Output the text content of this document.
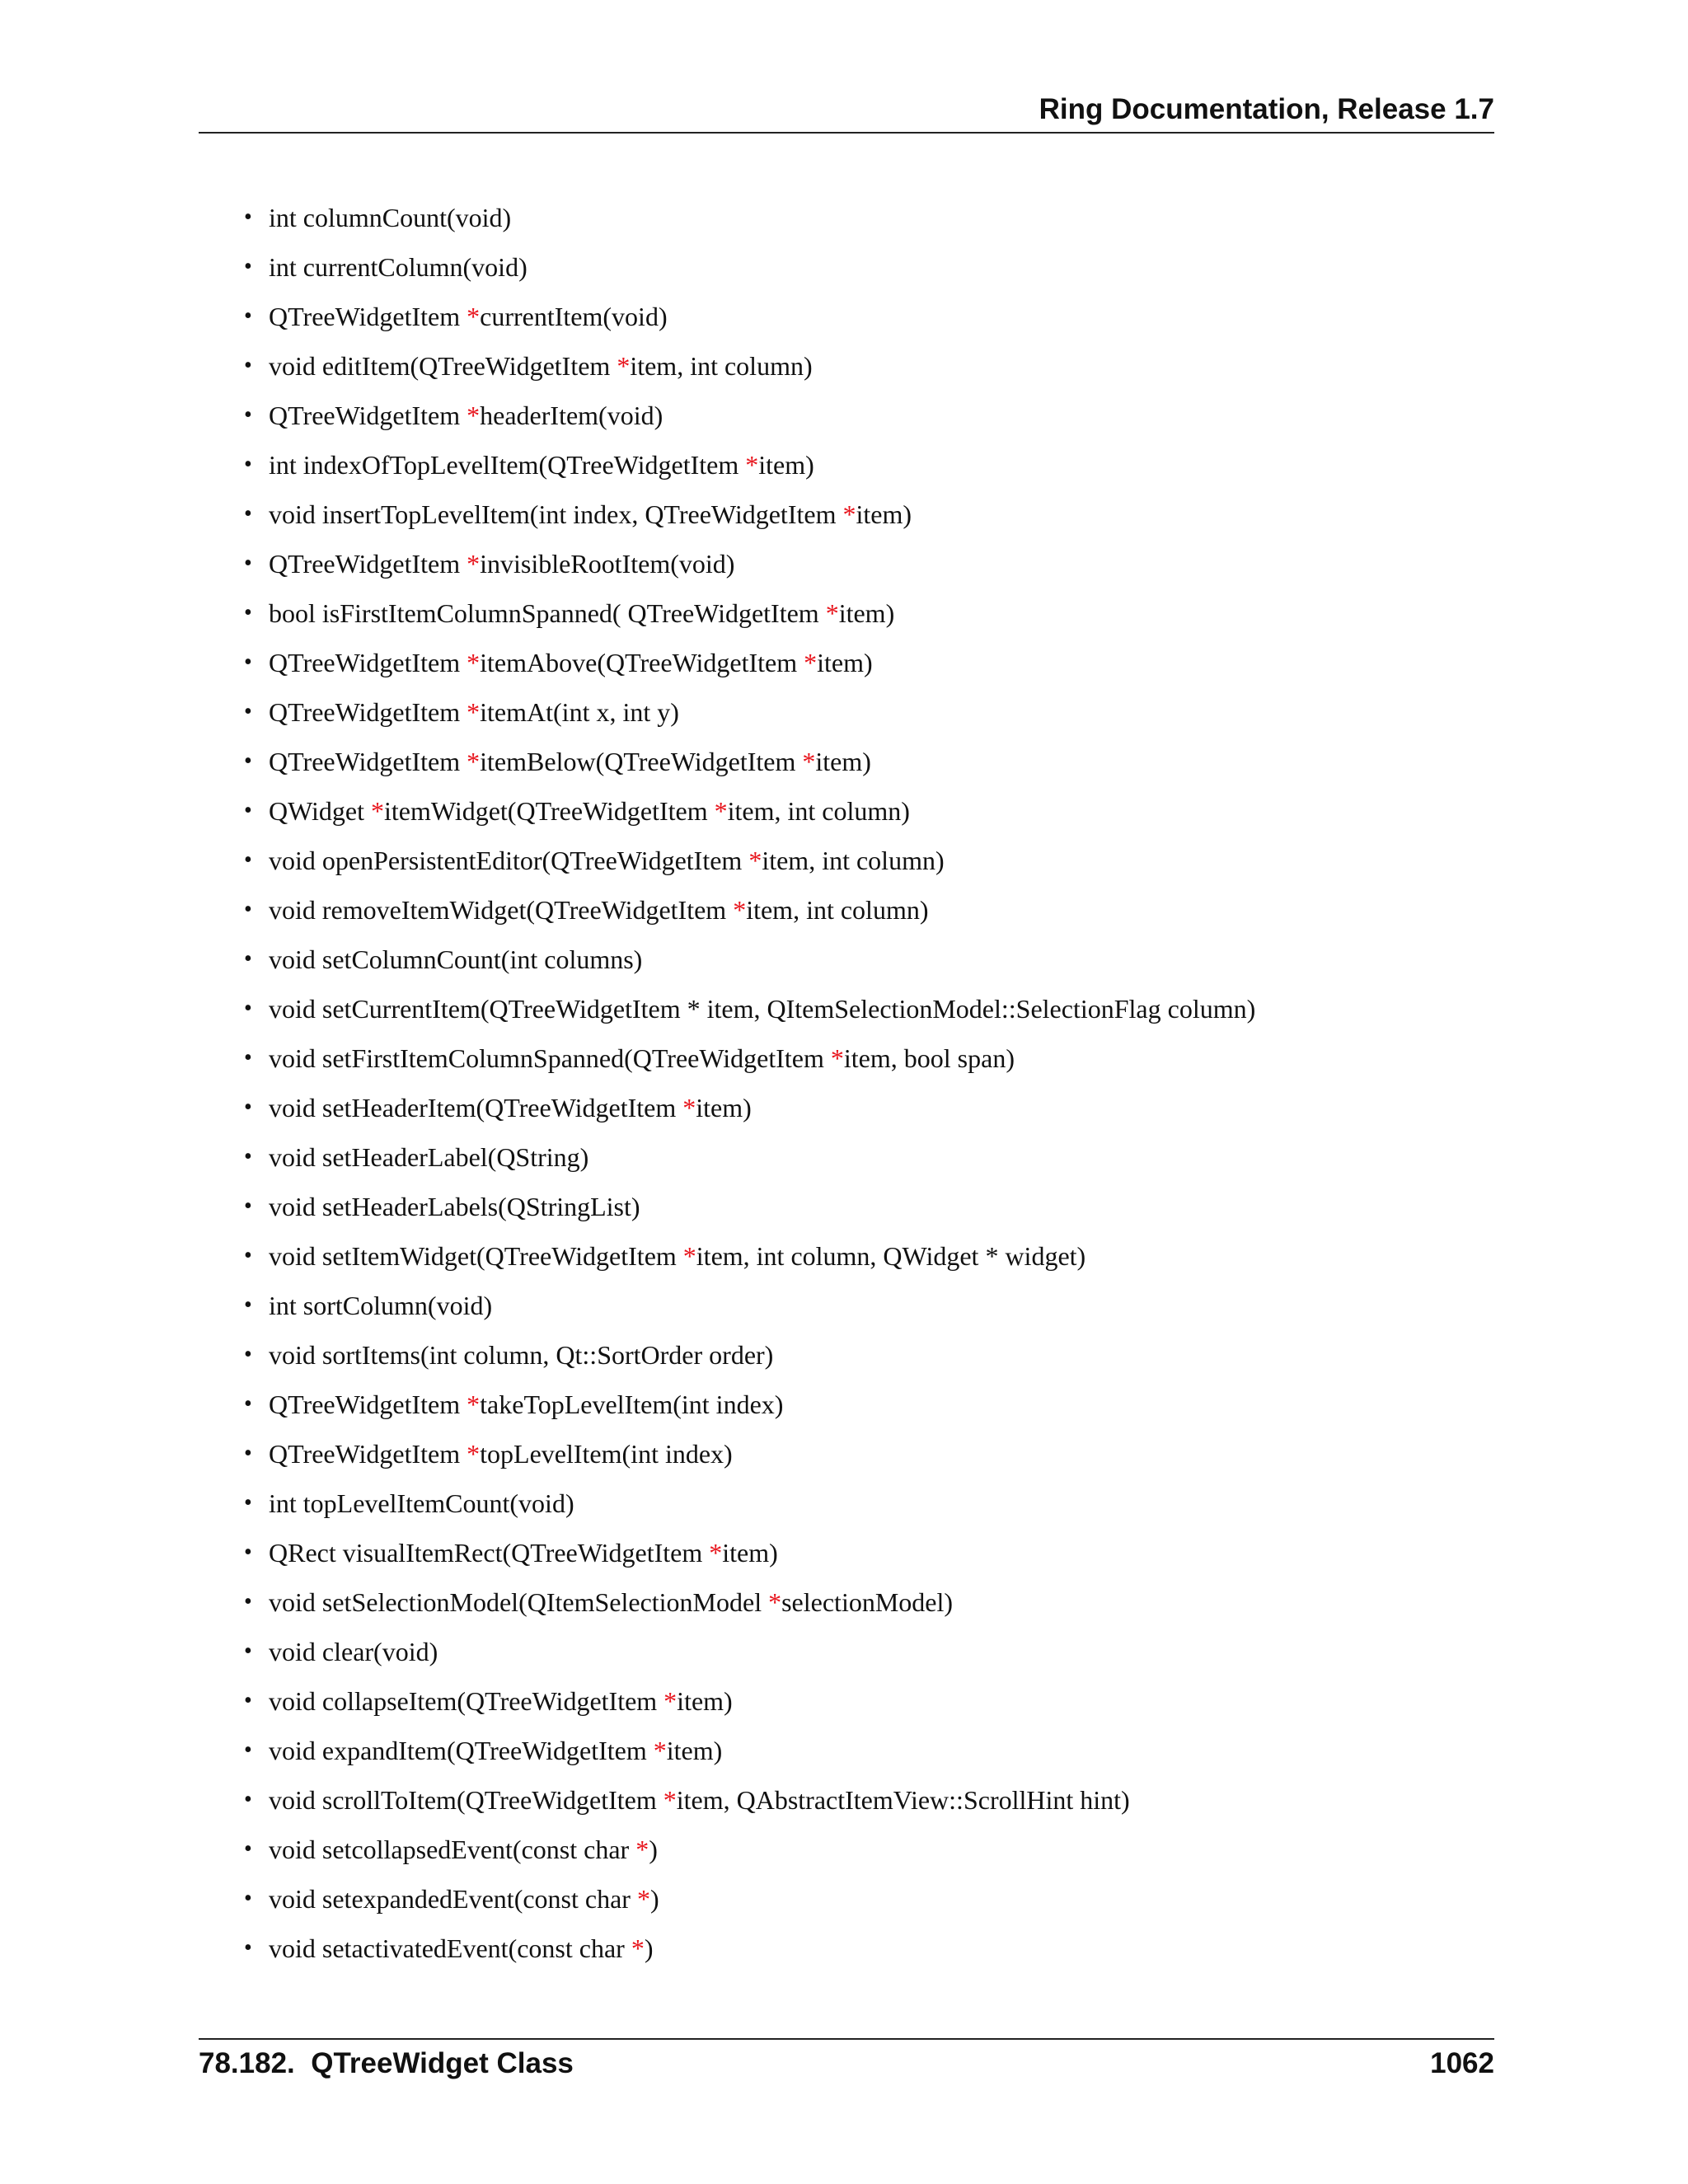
Ring Documentation, Release 1.7
• int columnCount(void)
• int currentColumn(void)
• QTreeWidgetItem *currentItem(void)
• void editItem(QTreeWidgetItem *item, int column)
• QTreeWidgetItem *headerItem(void)
• int indexOfTopLevelItem(QTreeWidgetItem *item)
• void insertTopLevelItem(int index, QTreeWidgetItem *item)
• QTreeWidgetItem *invisibleRootItem(void)
• bool isFirstItemColumnSpanned( QTreeWidgetItem *item)
• QTreeWidgetItem *itemAbove(QTreeWidgetItem *item)
• QTreeWidgetItem *itemAt(int x, int y)
• QTreeWidgetItem *itemBelow(QTreeWidgetItem *item)
• QWidget *itemWidget(QTreeWidgetItem *item, int column)
• void openPersistentEditor(QTreeWidgetItem *item, int column)
• void removeItemWidget(QTreeWidgetItem *item, int column)
• void setColumnCount(int columns)
• void setCurrentItem(QTreeWidgetItem * item, QItemSelectionModel::SelectionFlag column)
• void setFirstItemColumnSpanned(QTreeWidgetItem *item, bool span)
• void setHeaderItem(QTreeWidgetItem *item)
• void setHeaderLabel(QString)
• void setHeaderLabels(QStringList)
• void setItemWidget(QTreeWidgetItem *item, int column, QWidget * widget)
• int sortColumn(void)
• void sortItems(int column, Qt::SortOrder order)
• QTreeWidgetItem *takeTopLevelItem(int index)
• QTreeWidgetItem *topLevelItem(int index)
• int topLevelItemCount(void)
• QRect visualItemRect(QTreeWidgetItem *item)
• void setSelectionModel(QItemSelectionModel *selectionModel)
• void clear(void)
• void collapseItem(QTreeWidgetItem *item)
• void expandItem(QTreeWidgetItem *item)
• void scrollToItem(QTreeWidgetItem *item, QAbstractItemView::ScrollHint hint)
• void setcollapsedEvent(const char *)
• void setexpandedEvent(const char *)
• void setactivatedEvent(const char *)
78.182.  QTreeWidget Class	1062
